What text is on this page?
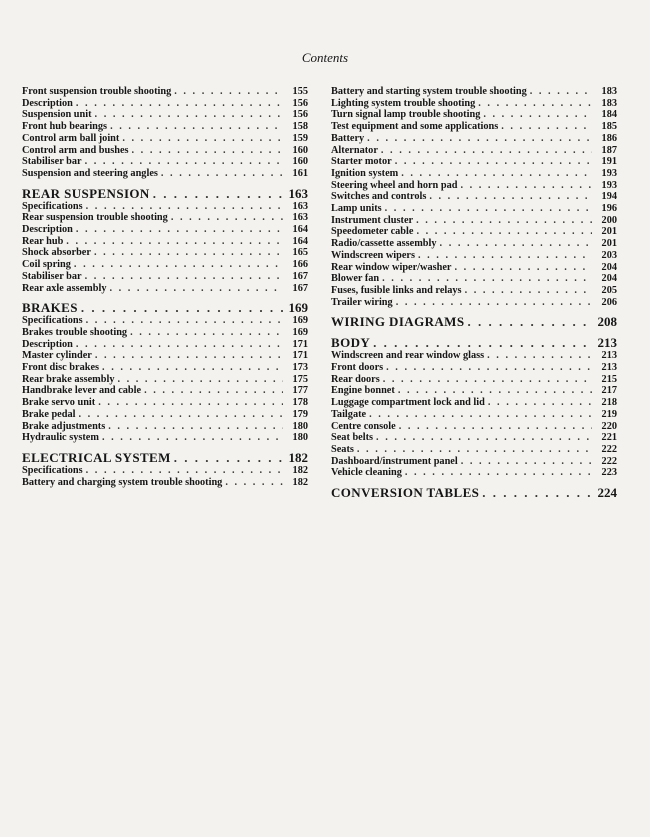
Contents
Front suspension trouble shooting . . .	155
Description . . .	156
Suspension unit . . .	156
Front hub bearings . . .	158
Control arm ball joint . . .	159
Control arm and bushes . . .	160
Stabiliser bar . . .	160
Suspension and steering angles . . .	161
REAR SUSPENSION . . .	163
Specifications . . .	163
Rear suspension trouble shooting . . .	163
Description . . .	164
Rear hub . . .	164
Shock absorber . . .	165
Coil spring . . .	166
Stabiliser bar . . .	167
Rear axle assembly . . .	167
BRAKES . . .	169
Specifications . . .	169
Brakes trouble shooting . . .	169
Description . . .	171
Master cylinder . . .	171
Front disc brakes . . .	173
Rear brake assembly . . .	175
Handbrake lever and cable . . .	177
Brake servo unit . . .	178
Brake pedal . . .	179
Brake adjustments . . .	180
Hydraulic system . . .	180
ELECTRICAL SYSTEM . . .	182
Specifications . . .	182
Battery and charging system trouble shooting . . .	182
Battery and starting system trouble shooting . . .	183
Lighting system trouble shooting . . .	183
Turn signal lamp trouble shooting . . .	184
Test equipment and some applications . . .	185
Battery . . .	186
Alternator . . .	187
Starter motor . . .	191
Ignition system . . .	193
Steering wheel and horn pad . . .	193
Switches and controls . . .	194
Lamp units . . .	196
Instrument cluster . . .	200
Speedometer cable . . .	201
Radio/cassette assembly . . .	201
Windscreen wipers . . .	203
Rear window wiper/washer . . .	204
Blower fan . . .	204
Fuses, fusible links and relays . . .	205
Trailer wiring . . .	206
WIRING DIAGRAMS . . .	208
BODY . . .	213
Windscreen and rear window glass . . .	213
Front doors . . .	213
Rear doors . . .	215
Engine bonnet . . .	217
Luggage compartment lock and lid . . .	218
Tailgate . . .	219
Centre console . . .	220
Seat belts . . .	221
Seats . . .	222
Dashboard/instrument panel . . .	222
Vehicle cleaning . . .	223
CONVERSION TABLES . . .	224
